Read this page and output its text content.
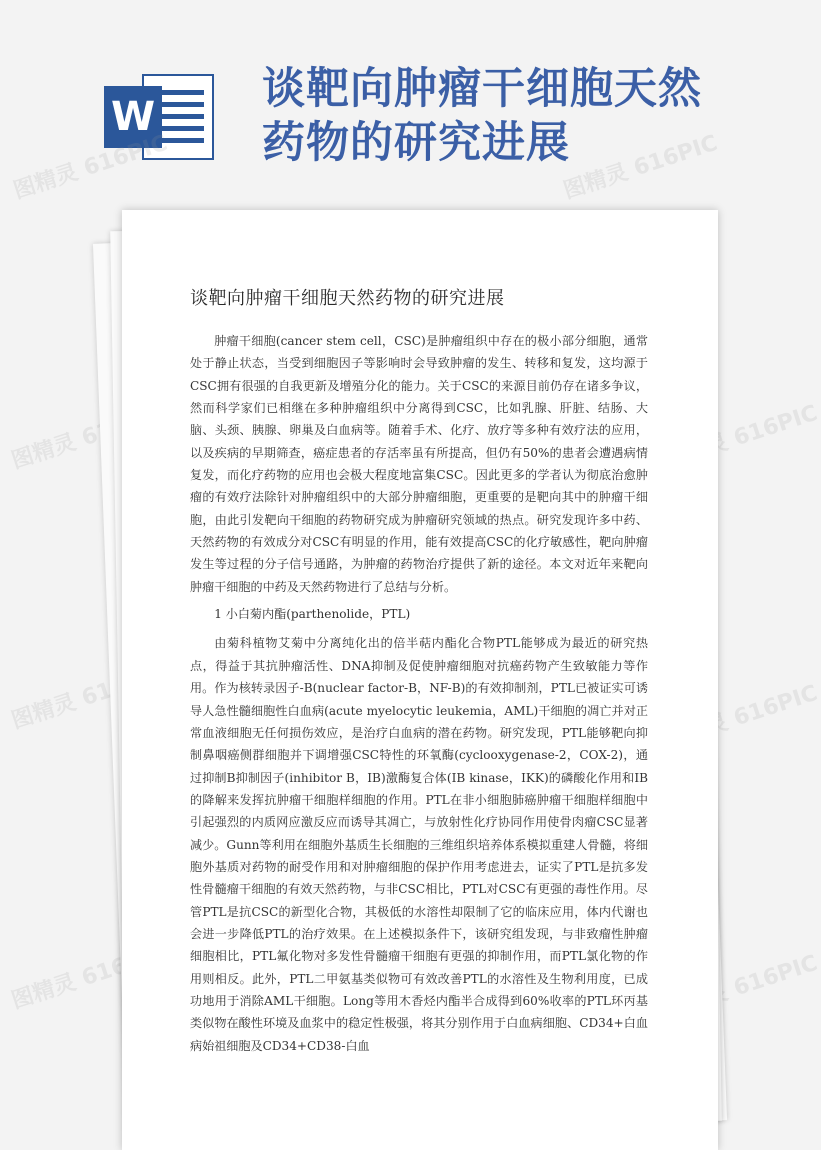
W
谈靶向肿瘤干细胞天然药物的研究进展
图精灵 616PIC
图精灵 616PIC
图精灵 616PIC
图精灵 616PIC
图精灵 616PIC
图精灵 616PIC
图精灵 616PIC
图精灵 616PIC
谈靶向肿瘤干细胞天然药物的研究进展

肿瘤干细胞(cancer stem cell，CSC)是肿瘤组织中存在的极小部分细胞，通常处于静止状态，当受到细胞因子等影响时会导致肿瘤的发生、转移和复发，这均源于CSC拥有很强的自我更新及增殖分化的能力。关于CSC的来源目前仍存在诸多争议，然而科学家们已相继在多种肿瘤组织中分离得到CSC，比如乳腺、肝脏、结肠、大脑、头颈、胰腺、卵巢及白血病等。随着手术、化疗、放疗等多种有效疗法的应用，以及疾病的早期筛查，癌症患者的存活率虽有所提高，但仍有50%的患者会遭遇病情复发，而化疗药物的应用也会极大程度地富集CSC。因此更多的学者认为彻底治愈肿瘤的有效疗法除针对肿瘤组织中的大部分肿瘤细胞，更重要的是靶向其中的肿瘤干细胞，由此引发靶向干细胞的药物研究成为肿瘤研究领域的热点。研究发现许多中药、天然药物的有效成分对CSC有明显的作用，能有效提高CSC的化疗敏感性，靶向肿瘤发生等过程的分子信号通路，为肿瘤的药物治疗提供了新的途径。本文对近年来靶向肿瘤干细胞的中药及天然药物进行了总结与分析。

1 小白菊内酯(parthenolide，PTL)

由菊科植物艾菊中分离纯化出的倍半萜内酯化合物PTL能够成为最近的研究热点，得益于其抗肿瘤活性、DNA抑制及促使肿瘤细胞对抗癌药物产生致敏能力等作用。作为核转录因子-B(nuclear factor-B，NF-B)的有效抑制剂，PTL已被证实可诱导人急性髓细胞性白血病(acute myelocytic leukemia，AML)干细胞的凋亡并对正常血液细胞无任何损伤效应，是治疗白血病的潜在药物。研究发现，PTL能够靶向抑制鼻咽癌侧群细胞并下调增强CSC特性的环氧酶(cyclooxygenase-2，COX-2)，通过抑制B抑制因子(inhibitor B，IB)激酶复合体(IB kinase，IKK)的磷酸化作用和IB的降解来发挥抗肿瘤干细胞样细胞的作用。PTL在非小细胞肺癌肿瘤干细胞样细胞中引起强烈的内质网应激反应而诱导其凋亡，与放射性化疗协同作用使骨肉瘤CSC显著减少。Gunn等利用在细胞外基质生长细胞的三维组织培养体系模拟重建人骨髓，将细胞外基质对药物的耐受作用和对肿瘤细胞的保护作用考虑进去，证实了PTL是抗多发性骨髓瘤干细胞的有效天然药物，与非CSC相比，PTL对CSC有更强的毒性作用。尽管PTL是抗CSC的新型化合物，其极低的水溶性却限制了它的临床应用，体内代谢也会进一步降低PTL的治疗效果。在上述模拟条件下，该研究组发现，与非致瘤性肿瘤细胞相比，PTL氟化物对多发性骨髓瘤干细胞有更强的抑制作用，而PTL氯化物的作用则相反。此外，PTL二甲氨基类似物可有效改善PTL的水溶性及生物利用度，已成功地用于消除AML干细胞。Long等用木香烃内酯半合成得到60%收率的PTL环丙基类似物在酸性环境及血浆中的稳定性极强，将其分别作用于白血病细胞、CD34+白血病始祖细胞及CD34+CD38-白血
